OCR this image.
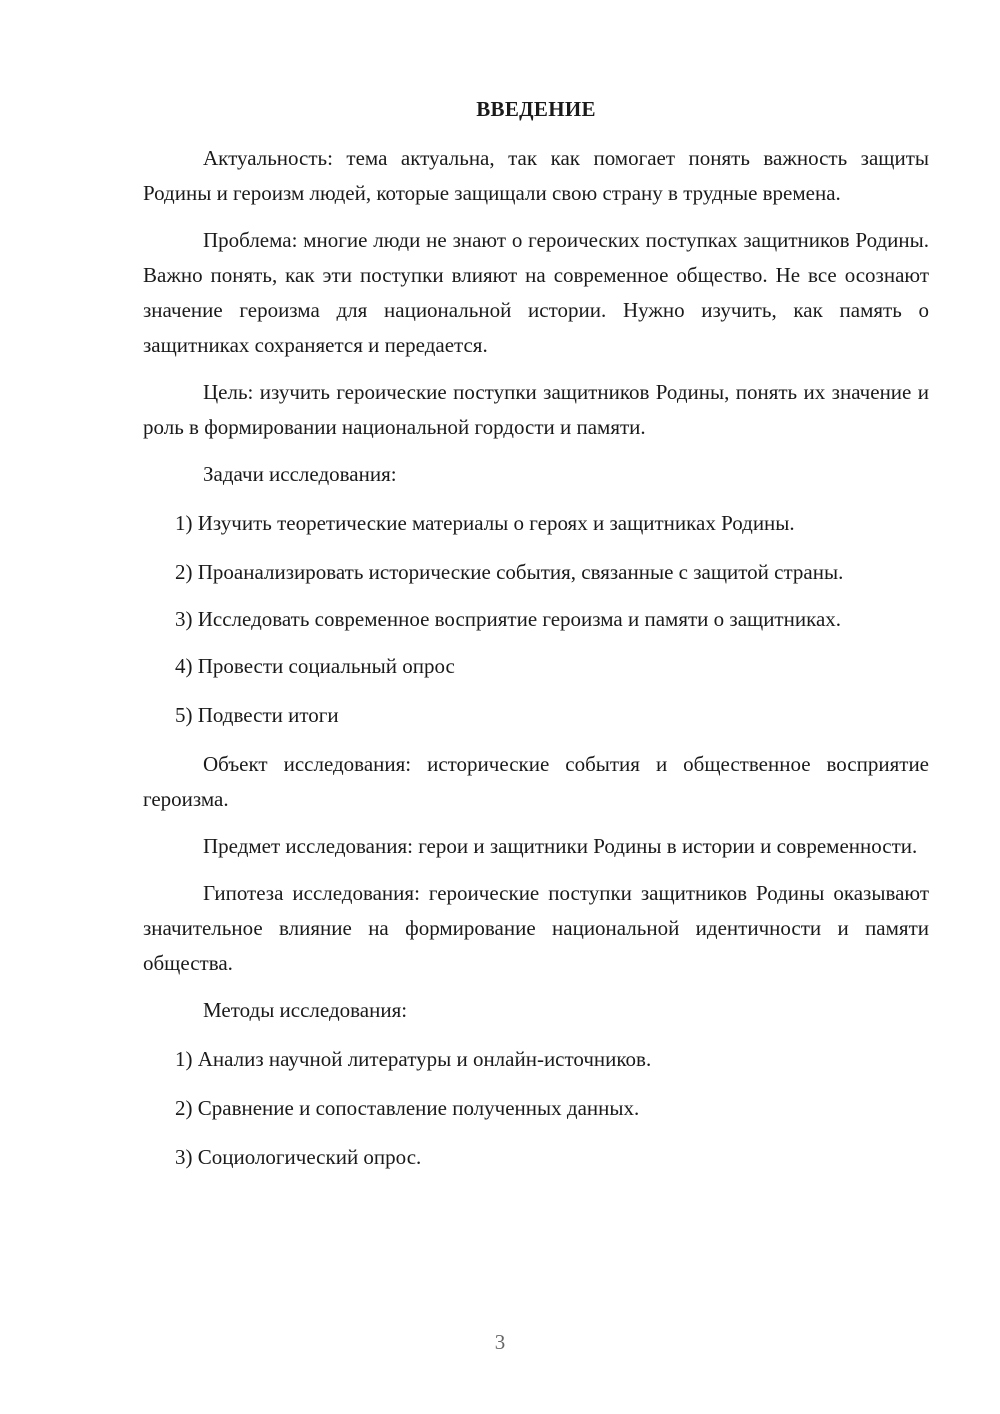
ВВЕДЕНИЕ

Актуальность: тема актуальна, так как помогает понять важность защиты Родины и героизм людей, которые защищали свою страну в трудные времена.

Проблема: многие люди не знают о героических поступках защитников Родины. Важно понять, как эти поступки влияют на современное общество. Не все осознают значение героизма для национальной истории. Нужно изучить, как память о защитниках сохраняется и передается.

Цель: изучить героические поступки защитников Родины, понять их значение и роль в формировании национальной гордости и памяти.

Задачи исследования:

1) Изучить теоретические материалы о героях и защитниках Родины.

2) Проанализировать исторические события, связанные с защитой страны.

3) Исследовать современное восприятие героизма и памяти о защитниках.

4) Провести социальный опрос

5) Подвести итоги

Объект исследования: исторические события и общественное восприятие героизма.

Предмет исследования: герои и защитники Родины в истории и современности.

Гипотеза исследования: героические поступки защитников Родины оказывают значительное влияние на формирование национальной идентичности и памяти общества.

Методы исследования:

1) Анализ научной литературы и онлайн-источников.

2) Сравнение и сопоставление полученных данных.

3) Социологический опрос.

3
